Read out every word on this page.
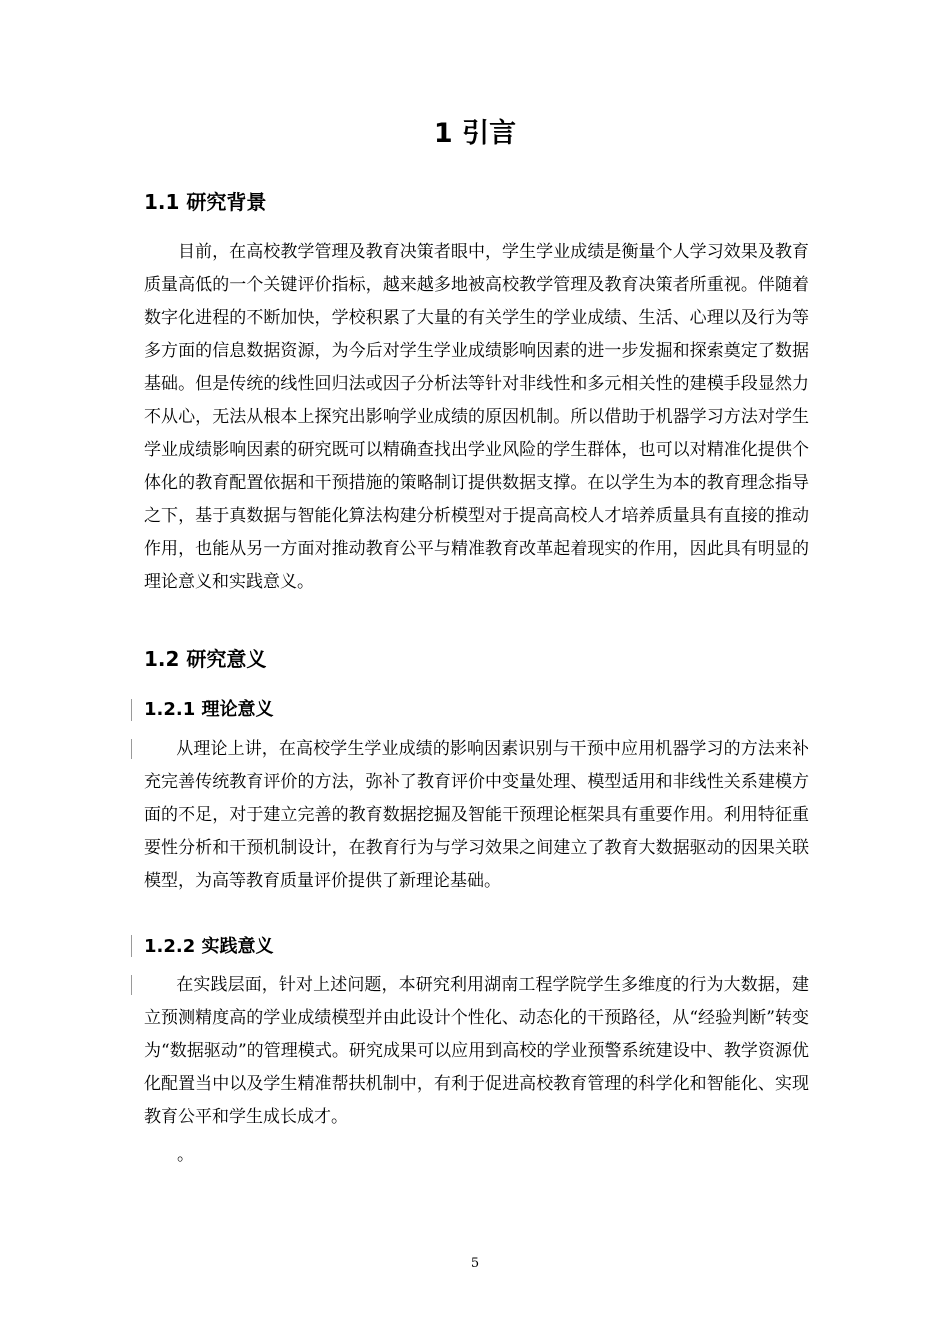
1 引言
1.1 研究背景

目前，在高校教学管理及教育决策者眼中，学生学业成绩是衡量个人学习效果及教育质量高低的一个关键评价指标，越来越多地被高校教学管理及教育决策者所重视。伴随着数字化进程的不断加快，学校积累了大量的有关学生的学业成绩、生活、心理以及行为等多方面的信息数据资源，为今后对学生学业成绩影响因素的进一步发掘和探索奠定了数据基础。但是传统的线性回归法或因子分析法等针对非线性和多元相关性的建模手段显然力不从心，无法从根本上探究出影响学业成绩的原因机制。所以借助于机器学习方法对学生学业成绩影响因素的研究既可以精确查找出学业风险的学生群体，也可以对精准化提供个体化的教育配置依据和干预措施的策略制订提供数据支撑。在以学生为本的教育理念指导之下，基于真数据与智能化算法构建分析模型对于提高高校人才培养质量具有直接的推动作用，也能从另一方面对推动教育公平与精准教育改革起着现实的作用，因此具有明显的理论意义和实践意义。

1.2 研究意义
1.2.1 理论意义

从理论上讲，在高校学生学业成绩的影响因素识别与干预中应用机器学习的方法来补充完善传统教育评价的方法，弥补了教育评价中变量处理、模型适用和非线性关系建模方面的不足，对于建立完善的教育数据挖掘及智能干预理论框架具有重要作用。利用特征重要性分析和干预机制设计，在教育行为与学习效果之间建立了教育大数据驱动的因果关联模型，为高等教育质量评价提供了新理论基础。

1.2.2 实践意义

在实践层面，针对上述问题，本研究利用湖南工程学院学生多维度的行为大数据，建立预测精度高的学业成绩模型并由此设计个性化、动态化的干预路径，从“经验判断”转变为“数据驱动”的管理模式。研究成果可以应用到高校的学业预警系统建设中、教学资源优化配置当中以及学生精准帮扶机制中，有利于促进高校教育管理的科学化和智能化、实现教育公平和学生成长成才。

。
5
